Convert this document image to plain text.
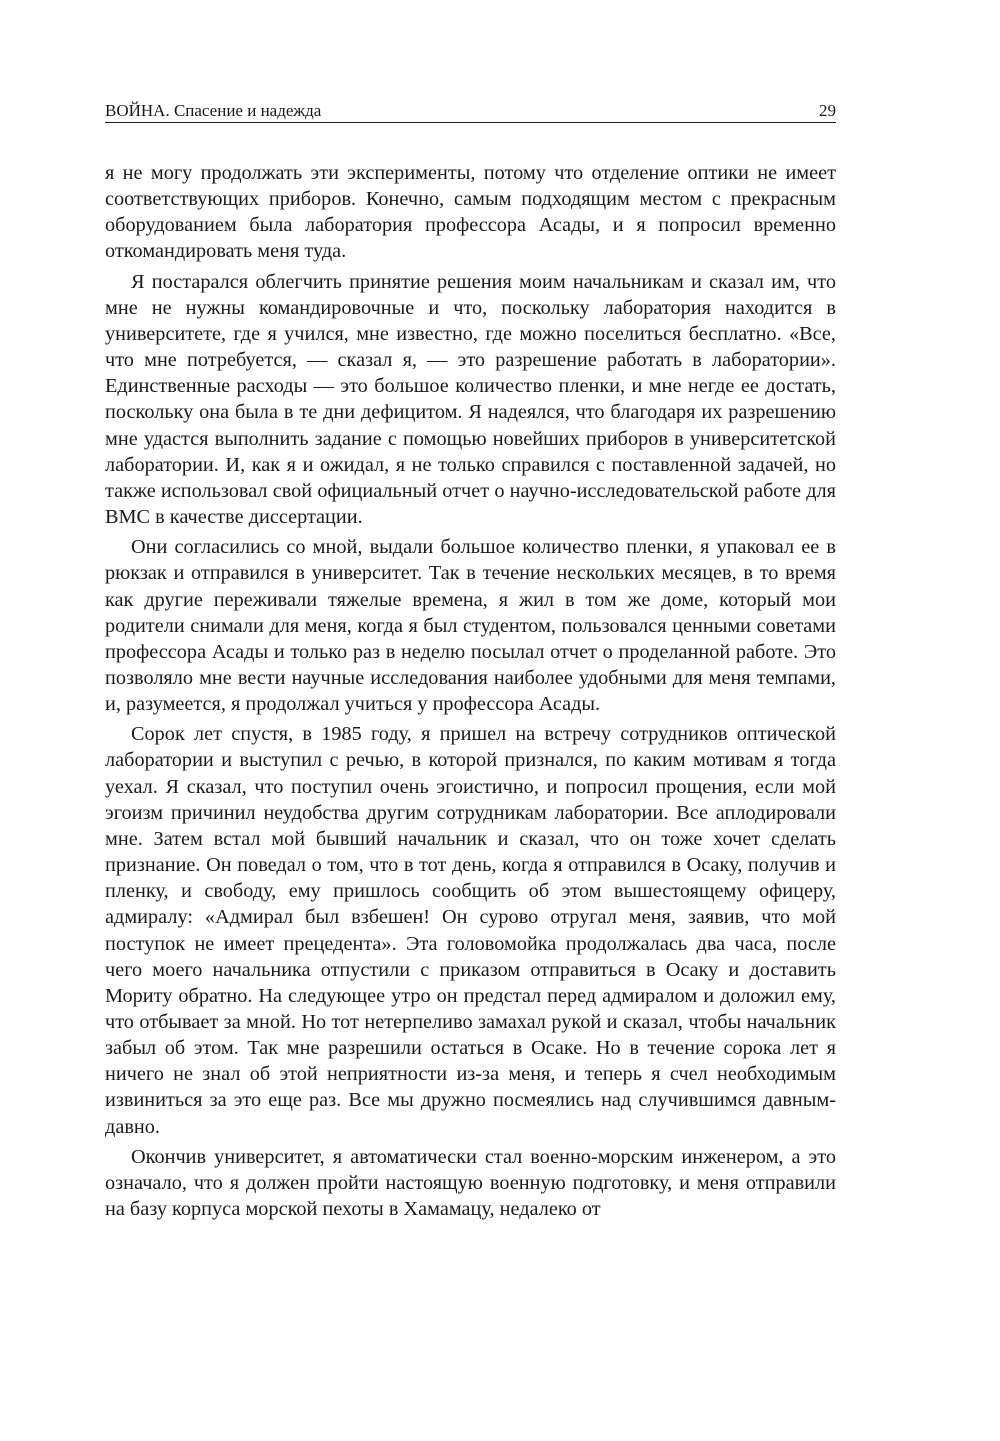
ВОЙНА. Спасение и надежда	29

я не могу продолжать эти эксперименты, потому что отделение оптики не имеет соответствующих приборов. Конечно, самым подходящим местом с прекрасным оборудованием была лаборатория профессора Асады, и я попросил временно откомандировать меня туда.

Я постарался облегчить принятие решения моим начальникам и сказал им, что мне не нужны командировочные и что, поскольку лаборатория находится в университете, где я учился, мне известно, где можно поселиться бесплатно. «Все, что мне потребуется, — сказал я, — это разрешение работать в лаборатории». Единственные расходы — это большое количество пленки, и мне негде ее достать, поскольку она была в те дни дефицитом. Я надеялся, что благодаря их разрешению мне удастся выполнить задание с помощью новейших приборов в университетской лаборатории. И, как я и ожидал, я не только справился с поставленной задачей, но также использовал свой официальный отчет о научно-исследовательской работе для ВМС в качестве диссертации.

Они согласились со мной, выдали большое количество пленки, я упаковал ее в рюкзак и отправился в университет. Так в течение нескольких месяцев, в то время как другие переживали тяжелые времена, я жил в том же доме, который мои родители снимали для меня, когда я был студентом, пользовался ценными советами профессора Асады и только раз в неделю посылал отчет о проделанной работе. Это позволяло мне вести научные исследования наиболее удобными для меня темпами, и, разумеется, я продолжал учиться у профессора Асады.

Сорок лет спустя, в 1985 году, я пришел на встречу сотрудников оптической лаборатории и выступил с речью, в которой признался, по каким мотивам я тогда уехал. Я сказал, что поступил очень эгоистично, и попросил прощения, если мой эгоизм причинил неудобства другим сотрудникам лаборатории. Все аплодировали мне. Затем встал мой бывший начальник и сказал, что он тоже хочет сделать признание. Он поведал о том, что в тот день, когда я отправился в Осаку, получив и пленку, и свободу, ему пришлось сообщить об этом вышестоящему офицеру, адмиралу: «Адмирал был взбешен! Он сурово отругал меня, заявив, что мой поступок не имеет прецедента». Эта головомойка продолжалась два часа, после чего моего начальника отпустили с приказом отправиться в Осаку и доставить Мориту обратно. На следующее утро он предстал перед адмиралом и доложил ему, что отбывает за мной. Но тот нетерпеливо замахал рукой и сказал, чтобы начальник забыл об этом. Так мне разрешили остаться в Осаке. Но в течение сорока лет я ничего не знал об этой неприятности из-за меня, и теперь я счел необходимым извиниться за это еще раз. Все мы дружно посмеялись над случившимся давным-давно.

Окончив университет, я автоматически стал военно-морским инженером, а это означало, что я должен пройти настоящую военную подготовку, и меня отправили на базу корпуса морской пехоты в Хамамацу, недалеко от
